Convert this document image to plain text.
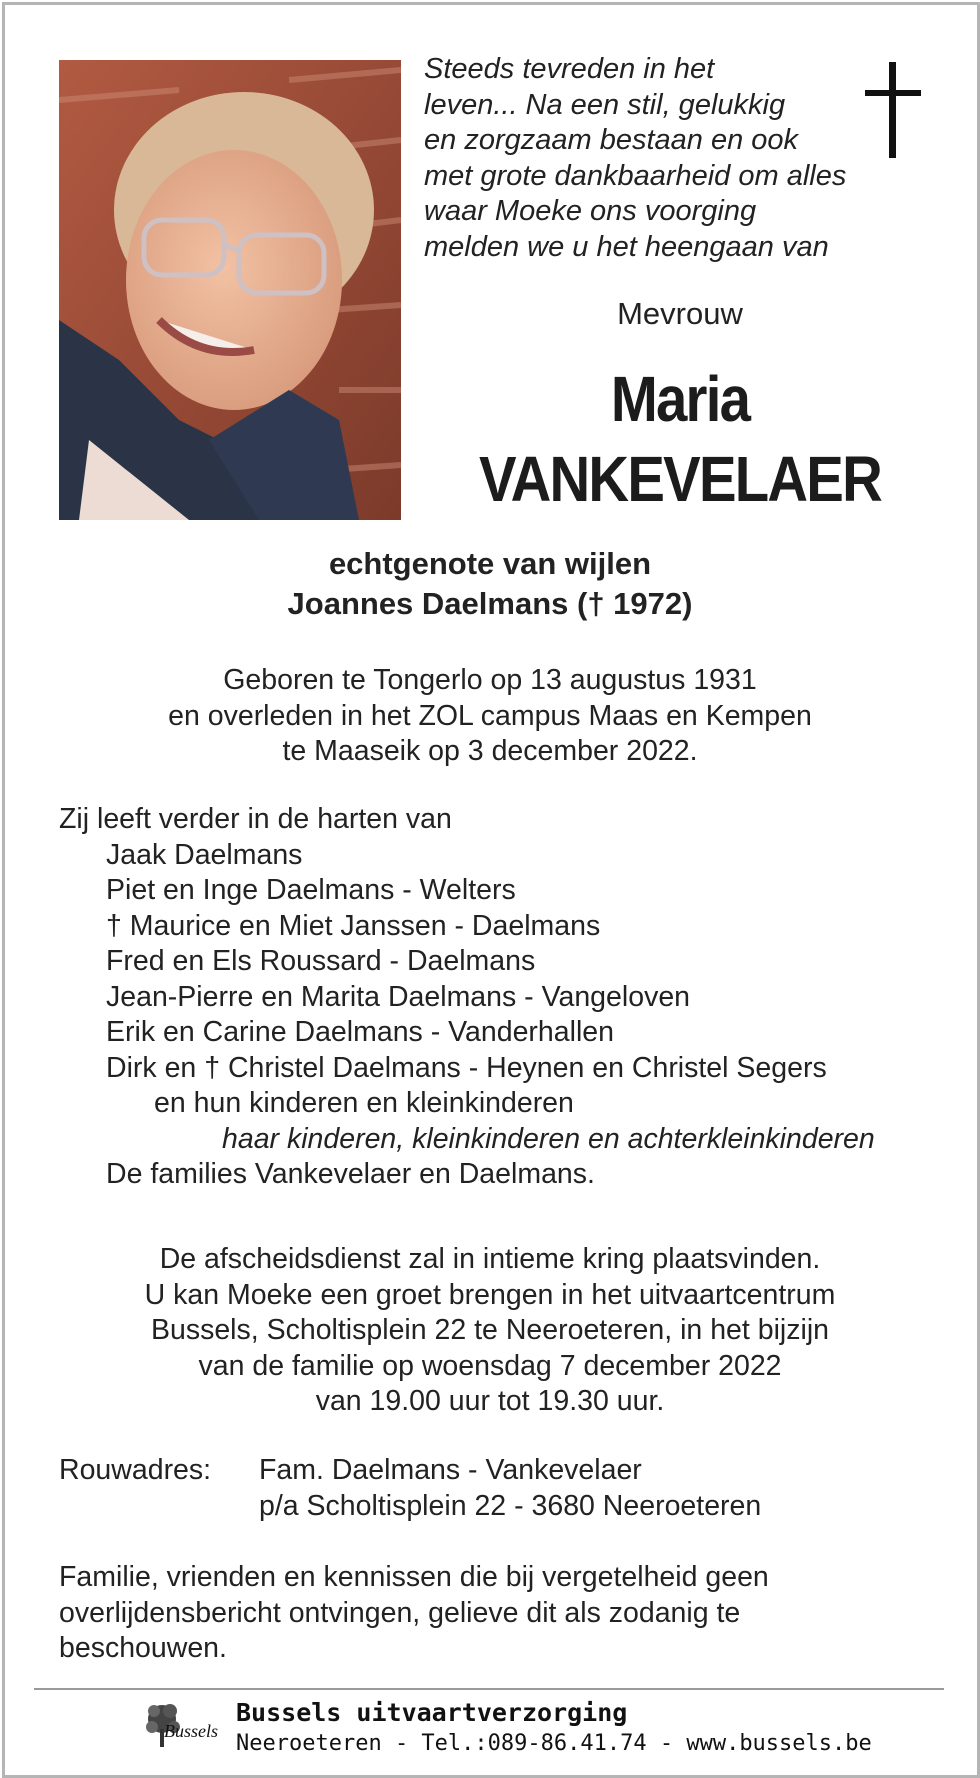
Steeds tevreden in het
leven... Na een stil, gelukkig
en zorgzaam bestaan en ook
met grote dankbaarheid om alles
waar Moeke ons voorging
melden we u het heengaan van
Mevrouw
Maria
VANKEVELAER
echtgenote van wijlen
Joannes Daelmans († 1972)
Geboren te Tongerlo op 13 augustus 1931
en overleden in het ZOL campus Maas en Kempen
te Maaseik op 3 december 2022.
Zij leeft verder in de harten van
Jaak Daelmans
Piet en Inge Daelmans - Welters
† Maurice en Miet Janssen - Daelmans
Fred en Els Roussard - Daelmans
Jean-Pierre en Marita Daelmans - Vangeloven
Erik en Carine Daelmans - Vanderhallen
Dirk en † Christel Daelmans - Heynen en Christel Segers
en hun kinderen en kleinkinderen
haar kinderen, kleinkinderen en achterkleinkinderen
De families Vankevelaer en Daelmans.
De afscheidsdienst zal in intieme kring plaatsvinden.
U kan Moeke een groet brengen in het uitvaartcentrum
Bussels, Scholtisplein 22 te Neeroeteren, in het bijzijn
van de familie op woensdag 7 december 2022
van 19.00 uur tot 19.30 uur.
Rouwadres: Fam. Daelmans - Vankevelaer
p/a Scholtisplein 22 - 3680 Neeroeteren
Familie, vrienden en kennissen die bij vergetelheid geen
overlijdensbericht ontvingen, gelieve dit als zodanig te
beschouwen.
Bussels
Bussels uitvaartverzorging
Neeroeteren - Tel.:089-86.41.74 - www.bussels.be
